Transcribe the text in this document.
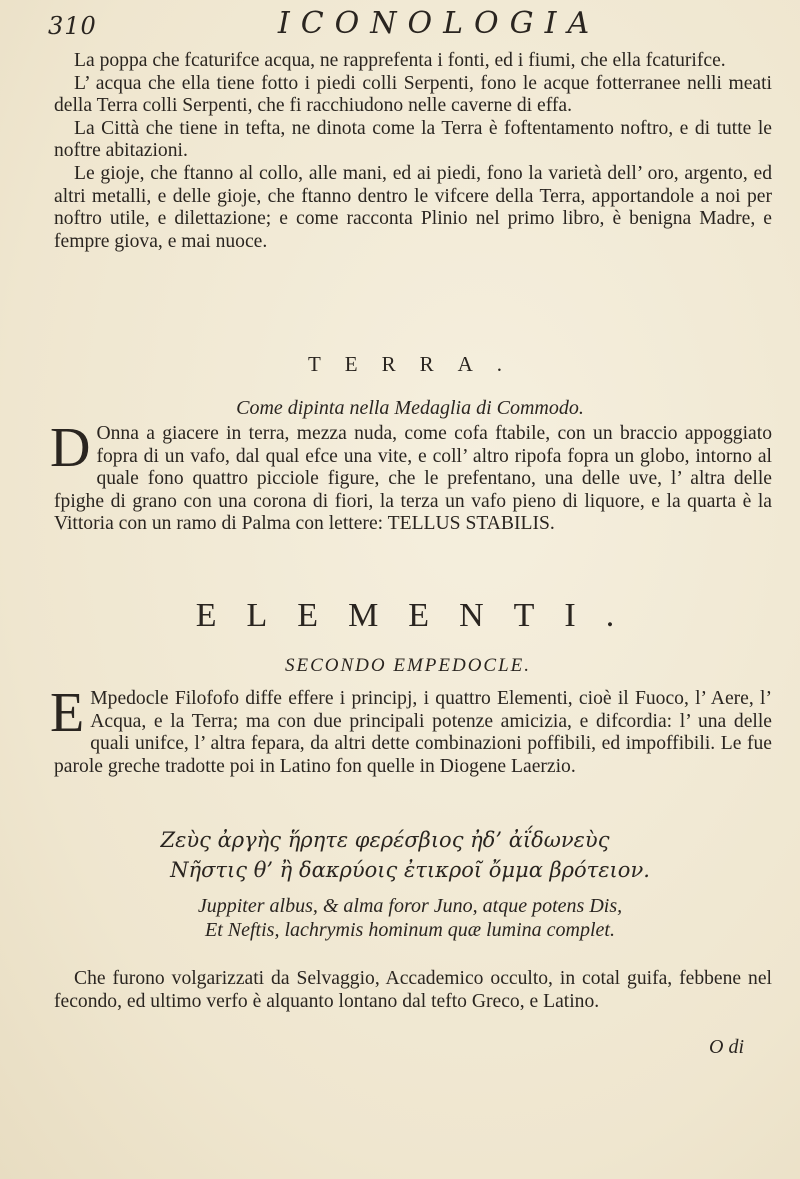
310	ICONOLOGIA

La poppa che fcaturifce acqua, ne rapprefenta i fonti, ed i fiumi, che ella fcaturifce.

L’ acqua che ella tiene fotto i piedi colli Serpenti, fono le acque fotterranee nelli meati della Terra colli Serpenti, che fi racchiudono nelle caverne di effa.

La Città che tiene in tefta, ne dinota come la Terra è foftentamento noftro, e di tutte le noftre abitazioni.

Le gioje, che ftanno al collo, alle mani, ed ai piedi, fono la varietà dell’ oro, argento, ed altri metalli, e delle gioje, che ftanno dentro le vifcere della Terra, apportandole a noi per noftro utile, e dilettazione; e come racconta Plinio nel primo libro, è benigna Madre, e fempre giova, e mai nuoce.

TERRA.
Come dipinta nella Medaglia di Commodo.
D Onna a giacere in terra, mezza nuda, come cofa ftabile, con un braccio appoggiato fopra di un vafo, dal qual efce una vite, e coll’ altro ripofa fopra un globo, intorno al quale fono quattro picciole figure, che le prefentano, una delle uve, l’ altra delle fpighe di grano con una corona di fiori, la terza un vafo pieno di liquore, e la quarta è la Vittoria con un ramo di Palma con lettere: TELLUS STABILIS.
ELEMENTI.
SECONDO EMPEDOCLE.
E Mpedocle Filofofo diffe effere i principj, i quattro Elementi, cioè il Fuoco, l’ Aere, l’ Acqua, e la Terra; ma con due principali potenze amicizia, e difcordia: l’ una delle quali unifce, l’ altra fepara, da altri dette combinazioni poffibili, ed impoffibili. Le fue parole greche tradotte poi in Latino fon quelle in Diogene Laerzio.
Ζεὺς ἀργὴς ἥρητε φερέσβιος ἠδ’ ἀΐδωνεὺς
Νῆστις θ’ ἢ δακρύοις ἐτικροῖ ὄμμα βρότειον.
Juppiter albus, & alma foror Juno, atque potens Dis,
Et Neftis, lachrymis hominum quæ lumina complet.

Che furono volgarizzati da Selvaggio, Accademico occulto, in cotal guifa, febbene nel fecondo, ed ultimo verfo è alquanto lontano dal tefto Greco, e Latino.

O di
